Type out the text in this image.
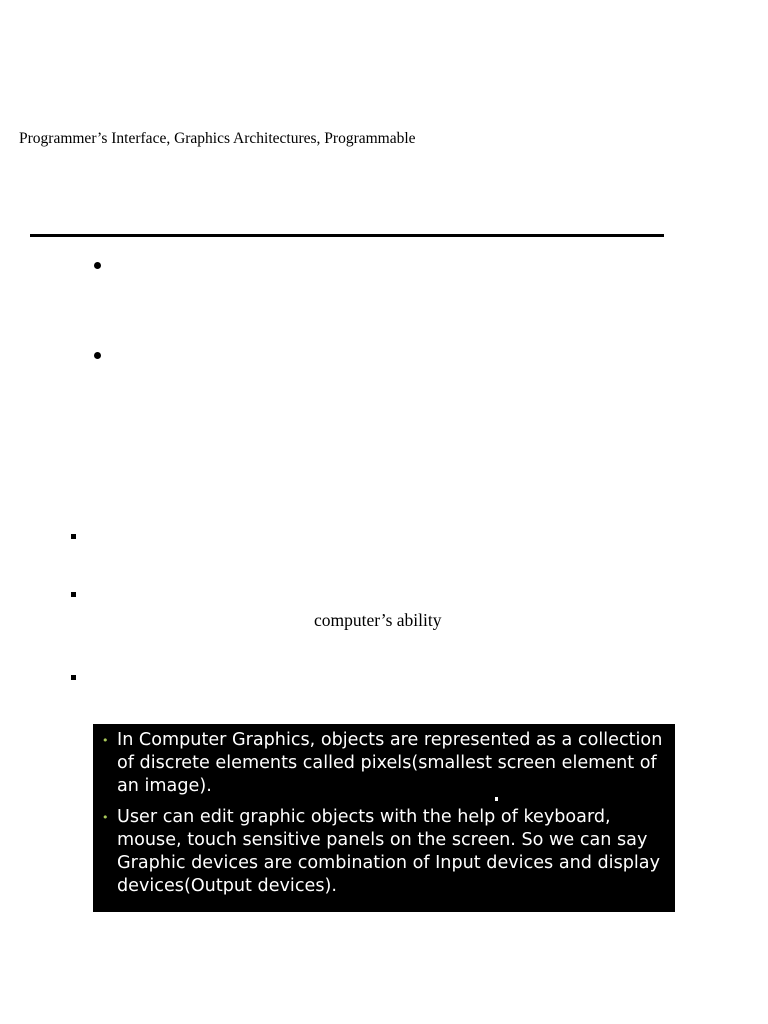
Programmer’s Interface, Graphics Architectures, Programmable
computer’s ability
• In Computer Graphics, objects are represented as a collection of discrete elements called pixels(smallest screen element of an image).
• User can edit graphic objects with the help of keyboard, mouse, touch sensitive panels on the screen. So we can say Graphic devices are combination of Input devices and display devices(Output devices).
